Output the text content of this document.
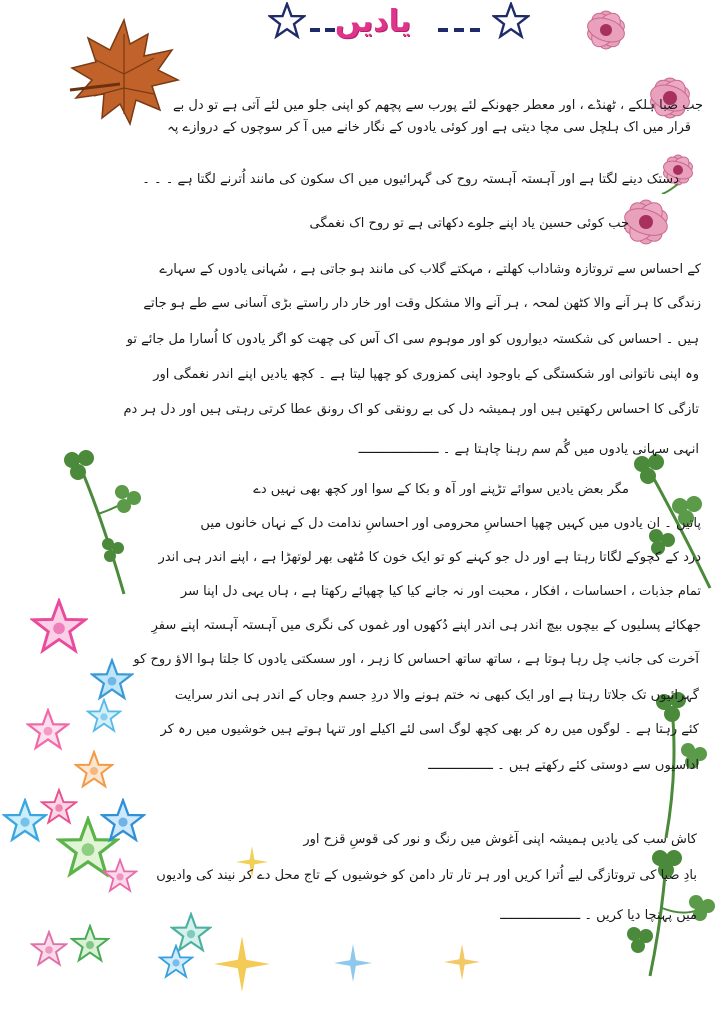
یادیں
جب صبا ہلکے ، ٹھنڈے ، اور معطر جھونکے لئے پورب سے پچھم کو اپنی جلو میں لئے آتی ہے تو دل بے
قرار میں اک ہلچل سی مچا دیتی ہے اور کوئی یادوں کے نگار خانے میں آ کر سوچوں کے دروازے پہ
دستک دینے لگتا ہے اور آہستہ آہستہ روح کی گہرائیوں میں اک سکون کی مانند اُترنے لگتا ہے ۔ ۔ ۔
جب کوئی حسین یاد اپنے جلوے دکھاتی ہے تو روح اک نغمگی
کے احساس سے تروتازہ وشاداب کھلتے ، مہکتے گلاب کی مانند ہو جاتی ہے ، سُہانی یادوں کے سہارے
زندگی کا ہر آنے والا کٹھن لمحہ ، ہر آنے والا مشکل وقت اور خار دار راستے بڑی آسانی سے طے ہو جاتے
ہیں ۔ احساس کی شکستہ دیواروں کو اور موہوم سی اک آس کی چھت کو اگر یادوں کا اُسارا مل جائے تو
وہ اپنی ناتوانی اور شکستگی کے باوجود اپنی کمزوری کو چھپا لیتا ہے ۔ کچھ یادیں اپنے اندر نغمگی اور
تازگی کا احساس رکھتیں ہیں اور ہمیشہ دل کی بے رونقی کو اک رونق عطا کرتی رہتی ہیں اور دل ہر دم
انہی سہانی یادوں میں گُم سم رہنا چاہتا ہے ۔ ـــــــــــــــــــــ
مگر بعض یادیں سوائے تڑپنے اور آہ و بکا کے سوا اور کچھ بھی نہیں دے
پاتیں ۔ ان یادوں میں کہیں چھپا احساسِ محرومی اور احساسِ ندامت دل کے نہاں خانوں میں
درد کے کچوکے لگاتا رہتا ہے اور دل جو کہنے کو تو ایک خون کا مُٹھی بھر لوتھڑا ہے ، اپنے اندر ہی اندر
تمام جذبات ، احساسات ، افکار ، محبت اور نہ جانے کیا کیا چھپائے رکھتا ہے ، ہاں یہی دل اپنا سر
جھکائے پسلیوں کے بیچوں بیچ اندر ہی اندر اپنے دُکھوں اور غموں کی نگری میں آہستہ آہستہ اپنے سفرِ
آخرت کی جانب چل رہا ہوتا ہے ، ساتھ ساتھ احساس کا زہر ، اور سسکتی یادوں کا جلتا ہوا الاؤ روح کو
گہرائیوں تک جلاتا رہتا ہے اور ایک کبھی نہ ختم ہونے والا دردِ جسم وجاں کے اندر ہی اندر سرایت
کئے رہتا ہے ۔ لوگوں میں رہ کر بھی کچھ لوگ اسی لئے اکیلے اور تنہا ہوتے ہیں خوشیوں میں رہ کر
اداسیوں سے دوستی کئے رکھتے ہیں ۔ ـــــــــــــــــ
کاش سب کی یادیں ہمیشہ اپنی آغوش میں رنگ و نور کی قوسِ قزح اور
بادِ صبا کی تروتازگی لیے اُترا کریں اور ہر تار تار دامن کو خوشیوں کے تاج محل دے کر نیند کی وادیوں
میں پہنچا دیا کریں ۔ ـــــــــــــــــــــ
